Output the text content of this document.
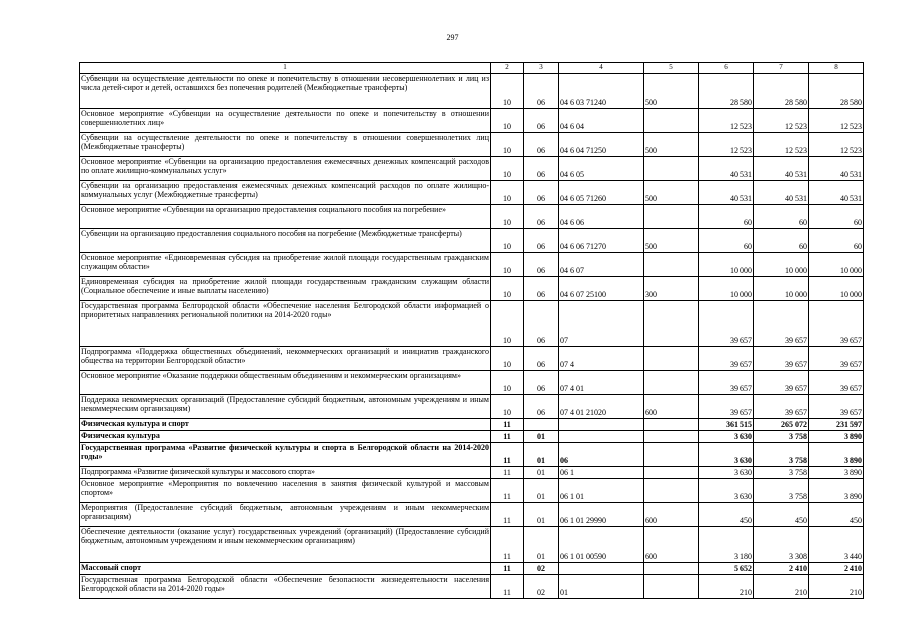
297
1	2	3	4	5	6	7	8
Субвенции на осуществление деятельности по опеке и попечительству в отношении несовершеннолетних и лиц из числа детей-сирот и детей, оставшихся без попечения родителей (Межбюджетные трансферты)	10	06	04 6 03 71240	500	28 580	28 580	28 580
Основное мероприятие «Субвенции на осуществление деятельности по опеке и попечительству в отношении совершеннолетних лиц»	10	06	04 6 04		12 523	12 523	12 523
Субвенции на осуществление деятельности по опеке и попечительству в отношении совершеннолетних лиц (Межбюджетные трансферты)	10	06	04 6 04 71250	500	12 523	12 523	12 523
Основное мероприятие «Субвенции на организацию предоставления ежемесячных денежных компенсаций расходов по оплате жилищно-коммунальных услуг»	10	06	04 6 05		40 531	40 531	40 531
Субвенции на организацию предоставления ежемесячных денежных компенсаций расходов по оплате жилищно-коммунальных услуг (Межбюджетные трансферты)	10	06	04 6 05 71260	500	40 531	40 531	40 531
Основное мероприятие «Субвенции на организацию предоставления социального пособия на погребение»	10	06	04 6 06		60	60	60
Субвенции на организацию предоставления социального пособия на погребение (Межбюджетные трансферты)	10	06	04 6 06 71270	500	60	60	60
Основное мероприятие «Единовременная субсидия на приобретение жилой площади государственным гражданским служащим области»	10	06	04 6 07		10 000	10 000	10 000
Единовременная субсидия на приобретение жилой площади государственным гражданским служащим области (Социальное обеспечение и иные выплаты населению)	10	06	04 6 07 25100	300	10 000	10 000	10 000
Государственная программа Белгородской области «Обеспечение населения Белгородской области информацией о приоритетных направлениях региональной политики на 2014-2020 годы»	10	06	07		39 657	39 657	39 657
Подпрограмма «Поддержка общественных объединений, некоммерческих организаций и инициатив гражданского общества на территории Белгородской области»	10	06	07 4		39 657	39 657	39 657
Основное мероприятие «Оказание поддержки общественным объединениям и некоммерческим организациям»	10	06	07 4 01		39 657	39 657	39 657
Поддержка некоммерческих организаций (Предоставление субсидий бюджетным, автономным учреждениям и иным некоммерческим организациям)	10	06	07 4 01 21020	600	39 657	39 657	39 657
Физическая культура и спорт	11				361 515	265 072	231 597
Физическая культура	11	01			3 630	3 758	3 890
Государственная программа «Развитие физической культуры и спорта в Белгородской области на 2014-2020 годы»	11	01	06		3 630	3 758	3 890
Подпрограмма «Развитие физической культуры и массового спорта»	11	01	06 1		3 630	3 758	3 890
Основное мероприятие «Мероприятия по вовлечению населения в занятия физической культурой и массовым спортом»	11	01	06 1 01		3 630	3 758	3 890
Мероприятия (Предоставление субсидий бюджетным, автономным учреждениям и иным некоммерческим организациям)	11	01	06 1 01 29990	600	450	450	450
Обеспечение деятельности (оказание услуг) государственных учреждений (организаций) (Предоставление субсидий бюджетным, автономным учреждениям и иным некоммерческим организациям)	11	01	06 1 01 00590	600	3 180	3 308	3 440
Массовый спорт	11	02			5 652	2 410	2 410
Государственная программа Белгородской области «Обеспечение безопасности жизнедеятельности населения Белгородской области на 2014-2020 годы»	11	02	01		210	210	210
